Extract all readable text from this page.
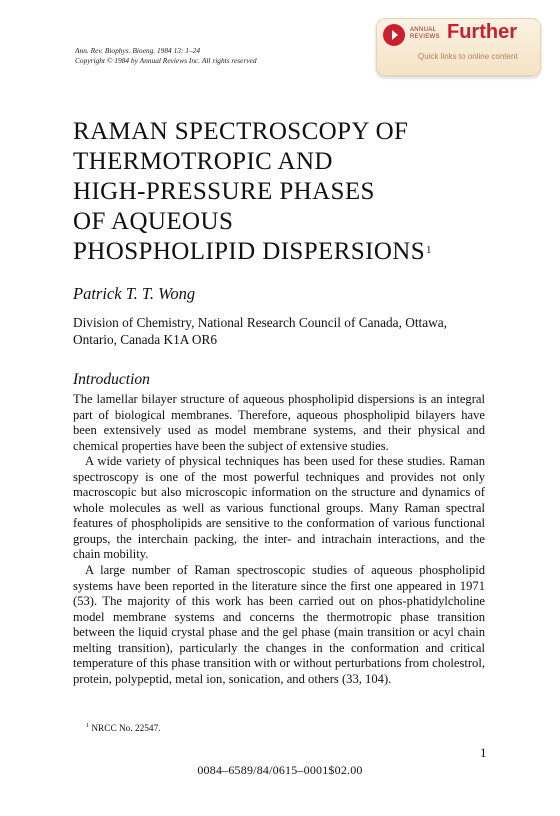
Ann. Rev. Biophys. Bioeng. 1984 13: 1–24
Copyright © 1984 by Annual Reviews Inc. All rights reserved
ANNUAL
REVIEWS Further
Quick links to online content
RAMAN SPECTROSCOPY OF
THERMOTROPIC AND
HIGH-PRESSURE PHASES
OF AQUEOUS
PHOSPHOLIPID DISPERSIONS$^1$
Patrick T. T. Wong
Division of Chemistry, National Research Council of Canada, Ottawa, Ontario, Canada K1A OR6
Introduction

The lamellar bilayer structure of aqueous phospholipid dispersions is an integral part of biological membranes. Therefore, aqueous phospholipid bilayers have been extensively used as model membrane systems, and their physical and chemical properties have been the subject of extensive studies.

A wide variety of physical techniques has been used for these studies. Raman spectroscopy is one of the most powerful techniques and provides not only macroscopic but also microscopic information on the structure and dynamics of whole molecules as well as various functional groups. Many Raman spectral features of phospholipids are sensitive to the conformation of various functional groups, the interchain packing, the inter- and intrachain interactions, and the chain mobility.

A large number of Raman spectroscopic studies of aqueous phospholipid systems have been reported in the literature since the first one appeared in 1971 (53). The majority of this work has been carried out on phos-phatidylcholine model membrane systems and concerns the thermotropic phase transition between the liquid crystal phase and the gel phase (main transition or acyl chain melting transition), particularly the changes in the conformation and critical temperature of this phase transition with or without perturbations from cholestrol, protein, polypeptid, metal ion, sonication, and others (33, 104).

$^1$ NRCC No. 22547.
1
0084–6589/84/0615–0001$02.00
